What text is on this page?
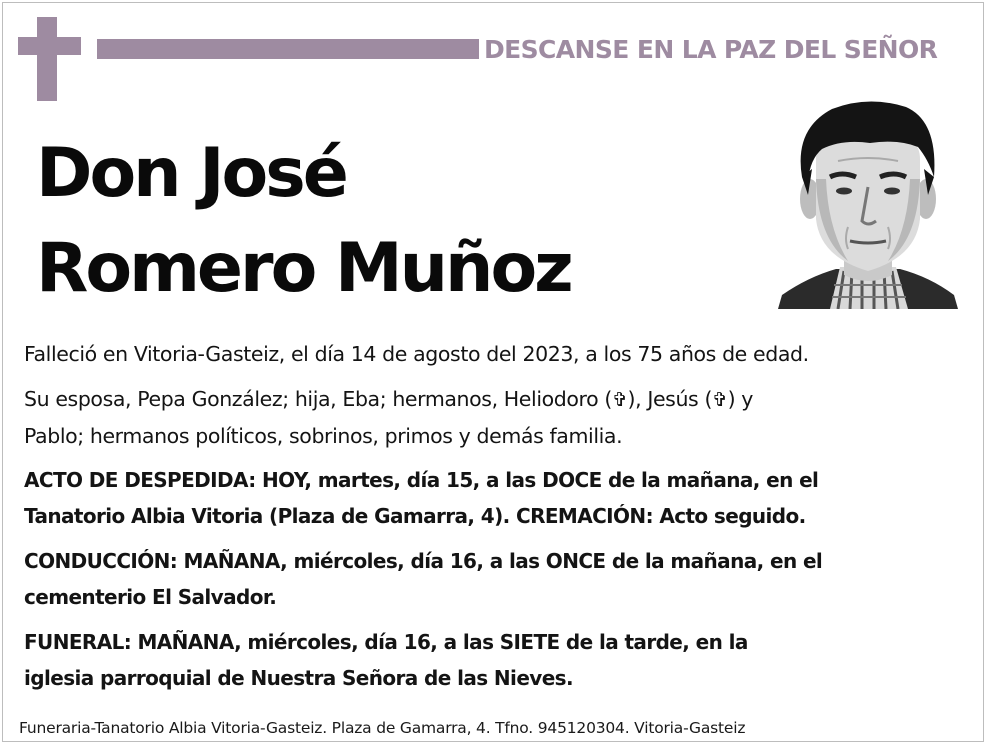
DESCANSE EN LA PAZ DEL SEÑOR
Don José
Romero Muñoz
Falleció en Vitoria-Gasteiz, el día 14 de agosto del 2023, a los 75 años de edad.
Su esposa, Pepa González; hija, Eba; hermanos, Heliodoro (✞), Jesús (✞) y
Pablo; hermanos políticos, sobrinos, primos y demás familia.
ACTO DE DESPEDIDA: HOY, martes, día 15, a las DOCE de la mañana, en el
Tanatorio Albia Vitoria (Plaza de Gamarra, 4). CREMACIÓN: Acto seguido.
CONDUCCIÓN: MAÑANA, miércoles, día 16, a las ONCE de la mañana, en el
cementerio El Salvador.
FUNERAL: MAÑANA, miércoles, día 16, a las SIETE de la tarde, en la
iglesia parroquial de Nuestra Señora de las Nieves.
Funeraria-Tanatorio Albia Vitoria-Gasteiz. Plaza de Gamarra, 4. Tfno. 945120304. Vitoria-Gasteiz
